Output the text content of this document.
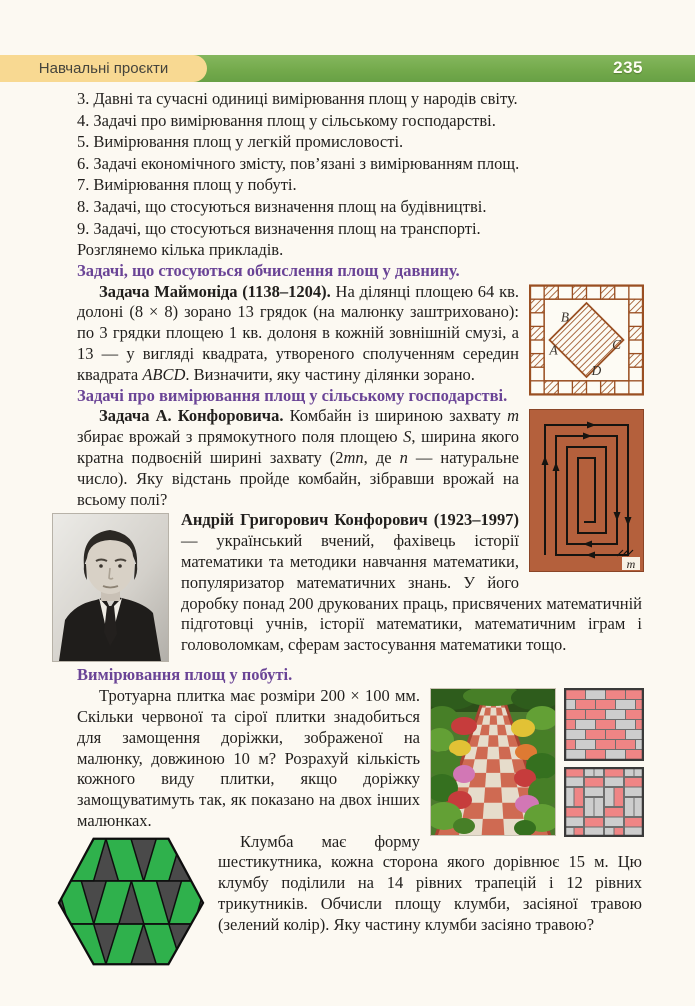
Навчальні проєкти	235
3. Давні та сучасні одиниці вимірювання площ у народів світу.
4. Задачі про вимірювання площ у сільському господарстві.
5. Вимірювання площ у легкій промисловості.
6. Задачі економічного змісту, пов’язані з вимірюванням площ.
7. Вимірювання площ у побуті.
8. Задачі, що стосуються визначення площ на будівництві.
9. Задачі, що стосуються визначення площ на транспорті.
Розглянемо кілька прикладів.
Задачі, що стосуються обчислення площ у давнину.
B
A	C
D

Задача Маймоніда (1138–1204). На ділянці площею 64 кв. долоні (8 × 8) зорано 13 грядок (на малюнку заштриховано): по 3 грядки площею 1 кв. долоня в кожній зовнішній смузі, а 13 — у вигляді квадрата, утвореного сполученням середин квадрата ABCD. Визначити, яку частину ділянки зорано.

Задачі про вимірювання площ у сільському господарстві.
m

Задача А. Конфоровича. Комбайн із шириною захвату m збирає врожай з прямокутного поля площею S, ширина якого кратна подвоєній ширині захвату (2mn, де n — натуральне число). Яку відстань пройде комбайн, зібравши врожай на всьому полі?

Андрій Григорович Конфорович (1923–1997) — український вчений, фахівець історії математики та методики навчання математики, популяризатор математичних знань. У його доробку понад 200 друкованих праць, присвячених математичній підготовці учнів, історії математики, математичним іграм і головоломкам, сферам застосування математики тощо.

Вимірювання площ у побуті.

Тротуарна плитка має розміри 200 × 100 мм. Скільки червоної та сірої плитки знадобиться для замощення доріжки, зображеної на малюнку, довжиною 10 м? Розрахуй кількість кожного виду плитки, якщо доріжку замощуватимуть так, як показано на двох інших малюнках.

Клумба має форму шестикутника, кожна сторона якого дорівнює 15 м. Цю клумбу поділили на 14 рівних трапецій і 12 рівних трикутників. Обчисли площу клумби, засіяної травою (зелений колір). Яку частину клумби засіяно травою?
